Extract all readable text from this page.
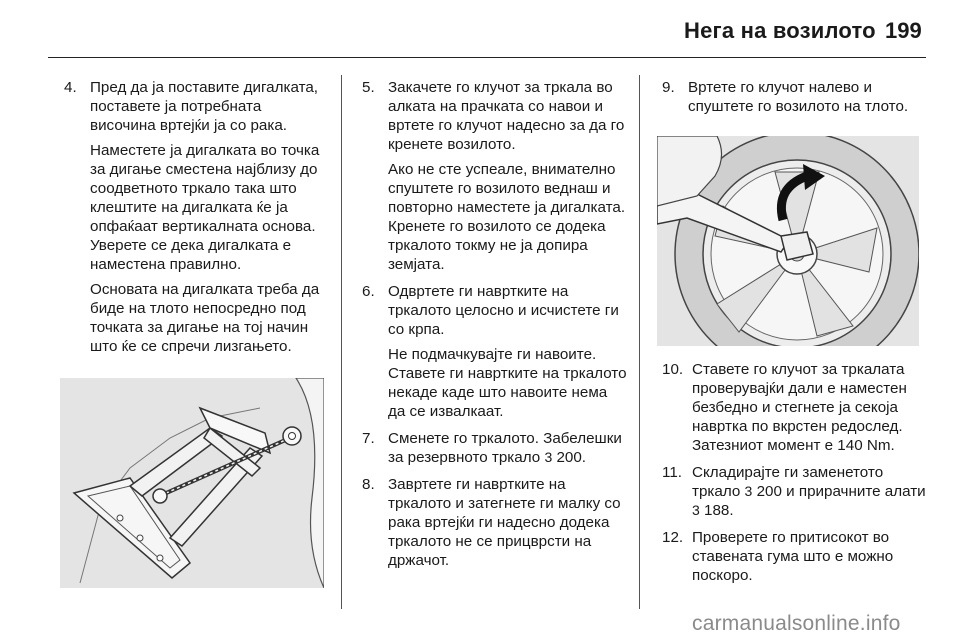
Нега на возилото 199
4. Пред да ја поставите дигалката, поставете ја потребната височина вртејќи ја со рака.

Наместете ја дигалката во точка за дигање сместена најблизу до соодветното тркало така што клештите на дигалката ќе ја опфаќаат вертикалната основа. Уверете се дека дигалката е наместена правилно.

Основата на дигалката треба да биде на тлото непосредно под точката за дигање на тој начин што ќе се спречи лизгањето.

5. Закачете го клучот за тркала во алката на прачката со навои и вртете го клучот надесно за да го кренете возилото.

Ако не сте успеале, внимателно спуштете го возилото веднаш и повторно наместете ја дигалката. Кренете го возилото се додека тркалото токму не ја допира земјата.

6. Одвртете ги навртките на тркалото целосно и исчистете ги со крпа.

Не подмачкувајте ги навоите. Ставете ги навртките на тркалото некаде каде што навоите нема да се извалкаат.

7. Сменете го тркалото. Забелешки за резервното тркало 3 200.

8. Завртете ги навртките на тркалото и затегнете ги малку со рака вртејќи ги надесно додека тркалото не се прицврсти на држачот.

9. Вртете го клучот налево и спуштете го возилото на тлото.

10. Ставете го клучот за тркалата проверувајќи дали е наместен безбедно и стегнете ја секоја навртка по вкрстен редослед. Затезниот момент е 140 Nm.

11. Складирајте ги заменетото тркало 3 200 и прирачните алати 3 188.

12. Проверете го притисокот во ставената гума што е можно поскоро.

carmanualsonline.info
